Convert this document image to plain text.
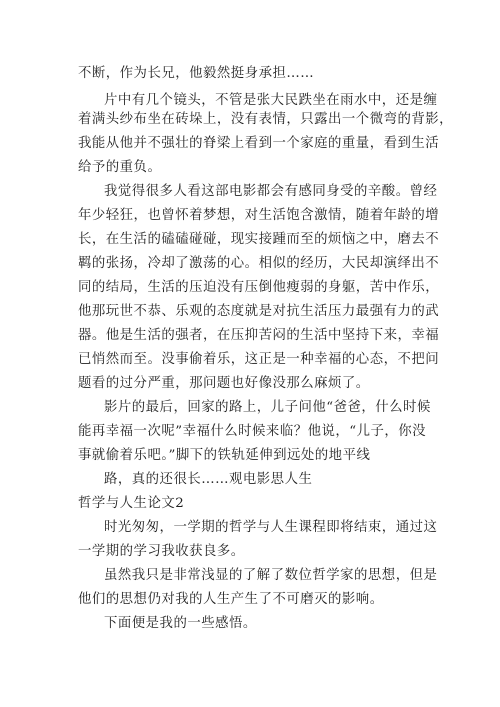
不断，作为长兄，他毅然挺身承担……
片中有几个镜头，不管是张大民跌坐在雨水中，还是缠
着满头纱布坐在砖垛上，没有表情，只露出一个微弯的背影，
我能从他并不强壮的脊梁上看到一个家庭的重量，看到生活
给予的重负。
我觉得很多人看这部电影都会有感同身受的辛酸。曾经
年少轻狂，也曾怀着梦想，对生活饱含激情，随着年龄的增
长，在生活的磕磕碰碰，现实接踵而至的烦恼之中，磨去不
羁的张扬，冷却了激荡的心。相似的经历，大民却演绎出不
同的结局，生活的压迫没有压倒他瘦弱的身躯，苦中作乐，
他那玩世不恭、乐观的态度就是对抗生活压力最强有力的武
器。他是生活的强者，在压抑苦闷的生活中坚持下来，幸福
已悄然而至。没事偷着乐，这正是一种幸福的心态，不把问
题看的过分严重，那问题也好像没那么麻烦了。
影片的最后，回家的路上，儿子问他“爸爸，什么时候
能再幸福一次呢”幸福什么时候来临？他说，“儿子，你没
事就偷着乐吧。”脚下的铁轨延伸到远处的地平线
路，真的还很长……观电影思人生
哲学与人生论文2
时光匆匆，一学期的哲学与人生课程即将结束，通过这
一学期的学习我收获良多。
虽然我只是非常浅显的了解了数位哲学家的思想，但是
他们的思想仍对我的人生产生了不可磨灭的影响。
下面便是我的一些感悟。
